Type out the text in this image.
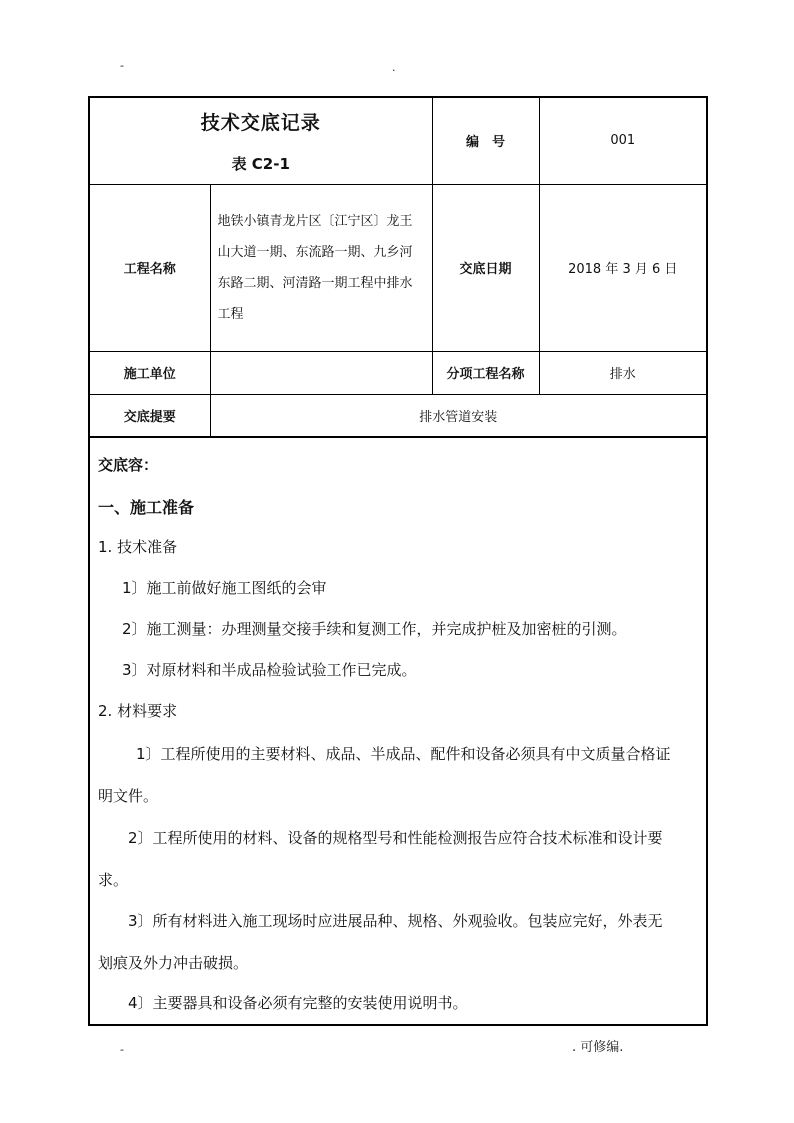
-	.
技术交底记录
表 C2-1		编　号	001
工程名称	地铁小镇青龙片区〔江宁区〕龙王
山大道一期、东流路一期、九乡河
东路二期、河清路一期工程中排水
工程	交底日期	2018 年 3 月 6 日
施工单位		分项工程名称	排水
交底提要	排水管道安装		
交底容：
一、施工准备
1. 技术准备
1〕施工前做好施工图纸的会审
2〕施工测量：办理测量交接手续和复测工作，并完成护桩及加密桩的引测。
3〕对原材料和半成品检验试验工作已完成。
2. 材料要求
1〕工程所使用的主要材料、成品、半成品、配件和设备必须具有中文质量合格证
明文件。
2〕工程所使用的材料、设备的规格型号和性能检测报告应符合技术标准和设计要
求。
3〕所有材料进入施工现场时应进展品种、规格、外观验收。包装应完好，外表无
划痕及外力冲击破损。
4〕主要器具和设备必须有完整的安装使用说明书。
-	. 可修编.
